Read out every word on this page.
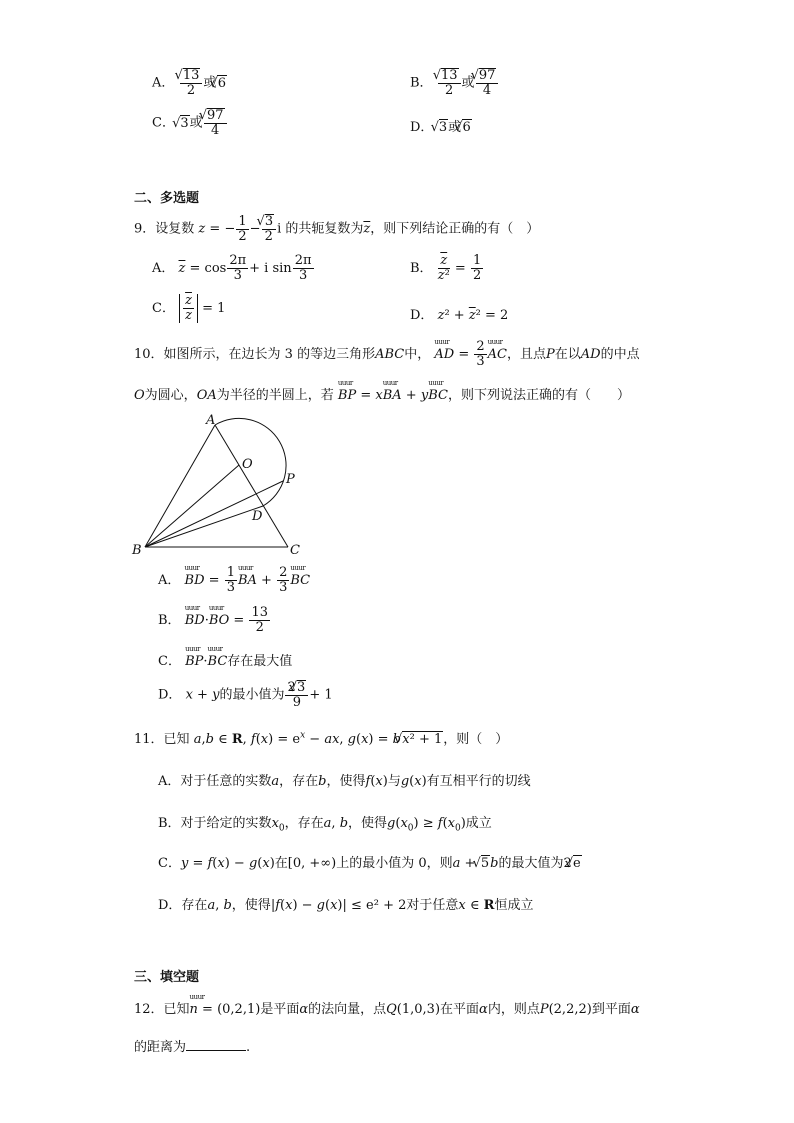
A． √ $\frac{13}{2}$ 或√ 6	B． √ $\frac{13}{2}$ 或 √ $\frac{97}{4}$
C． √ 3或 √ $\frac{97}{4}$	D． √ 3或√ 6
二、多选题
9．设复数 z = − $\frac{1}{2}$ − √ $\frac{3}{2}$ i 的共轭复数为$\overline{z}$，则下列结论正确的有（　）
A． $\overline{z} = \cos \frac{2\pi}{3} + i$ $\sin \frac{2\pi}{3}$	B． $\frac{\overline{z}}{\text{z²}} = \frac{1}{2}$
C． $\frac{\overline{z}}{z} = 1$	D． $z^2 + \overline{z}^2 = 2$
10．如图所示，在边长为 3 的等边三角形ABC中， uuur AD = $\frac{2}{3}$ uuur AC，且点P在以AD的中点
O为圆心，OA为半径的半圆上，若 uuur BP = xuuur BA + yuuur BC，则下列说法正确的有（　　）
A
O
P
D
B	C
A． uuur BD = $\frac{1}{3}$ uuur BA + $\frac{2}{3}$ uuur BC
B． uuur BD·uuur BO = $\frac{13}{2}$
C． uuur BP·uuur BC存在最大值
D． x + y的最小值为 $\frac{2√ 3}{9} + 1$
11．已知 a,b ∈ R, $f(x) = e^x$ − ax, g(x) = b√ x² + 1，则（　）
A．对于任意的实数a，存在b，使得f(x)与g(x)有互相平行的切线
B．对于给定的实数$x_0$，存在a, b，使得$g(x_0) \ge f(x_0)$成立
C．y = f(x) − g(x)在[0, +∞)上的最小值为 0，则a + √ 5b的最大值为2√ e
D．存在a, b，使得|f(x) − g(x)| ≤ e² + 2对于任意x ∈ R恒成立
三、填空题
12．已知uuur n = (0,2,1)是平面α的法向量，点Q(1,0,3)在平面α内，则点P(2,2,2)到平面α
的距离为	.
